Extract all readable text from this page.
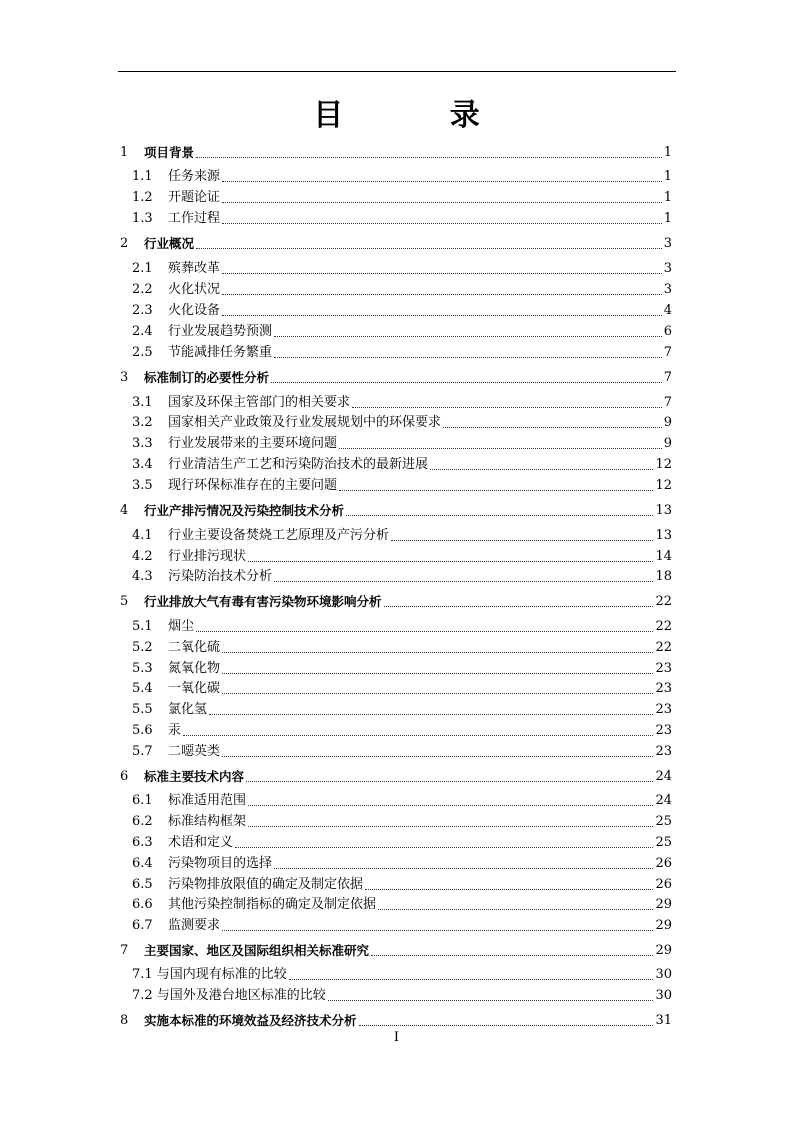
目 录
1	项目背景	1
1.1	任务来源	1
1.2	开题论证	1
1.3	工作过程	1
2	行业概况	3
2.1	殡葬改革	3
2.2	火化状况	3
2.3	火化设备	4
2.4	行业发展趋势预测	6
2.5	节能减排任务繁重	7
3	标准制订的必要性分析	7
3.1	国家及环保主管部门的相关要求	7
3.2	国家相关产业政策及行业发展规划中的环保要求	9
3.3	行业发展带来的主要环境问题	9
3.4	行业清洁生产工艺和污染防治技术的最新进展	12
3.5	现行环保标准存在的主要问题	12
4	行业产排污情况及污染控制技术分析	13
4.1	行业主要设备焚烧工艺原理及产污分析	13
4.2	行业排污现状	14
4.3	污染防治技术分析	18
5	行业排放大气有毒有害污染物环境影响分析	22
5.1	烟尘	22
5.2	二氧化硫	22
5.3	氮氧化物	23
5.4	一氧化碳	23
5.5	氯化氢	23
5.6	汞	23
5.7	二噁英类	23
6	标准主要技术内容	24
6.1	标准适用范围	24
6.2	标准结构框架	25
6.3	术语和定义	25
6.4	污染物项目的选择	26
6.5	污染物排放限值的确定及制定依据	26
6.6	其他污染控制指标的确定及制定依据	29
6.7	监测要求	29
7	主要国家、地区及国际组织相关标准研究	29
7.1 与国内现有标准的比较	30
7.2 与国外及港台地区标准的比较	30
8	实施本标准的环境效益及经济技术分析	31
I
